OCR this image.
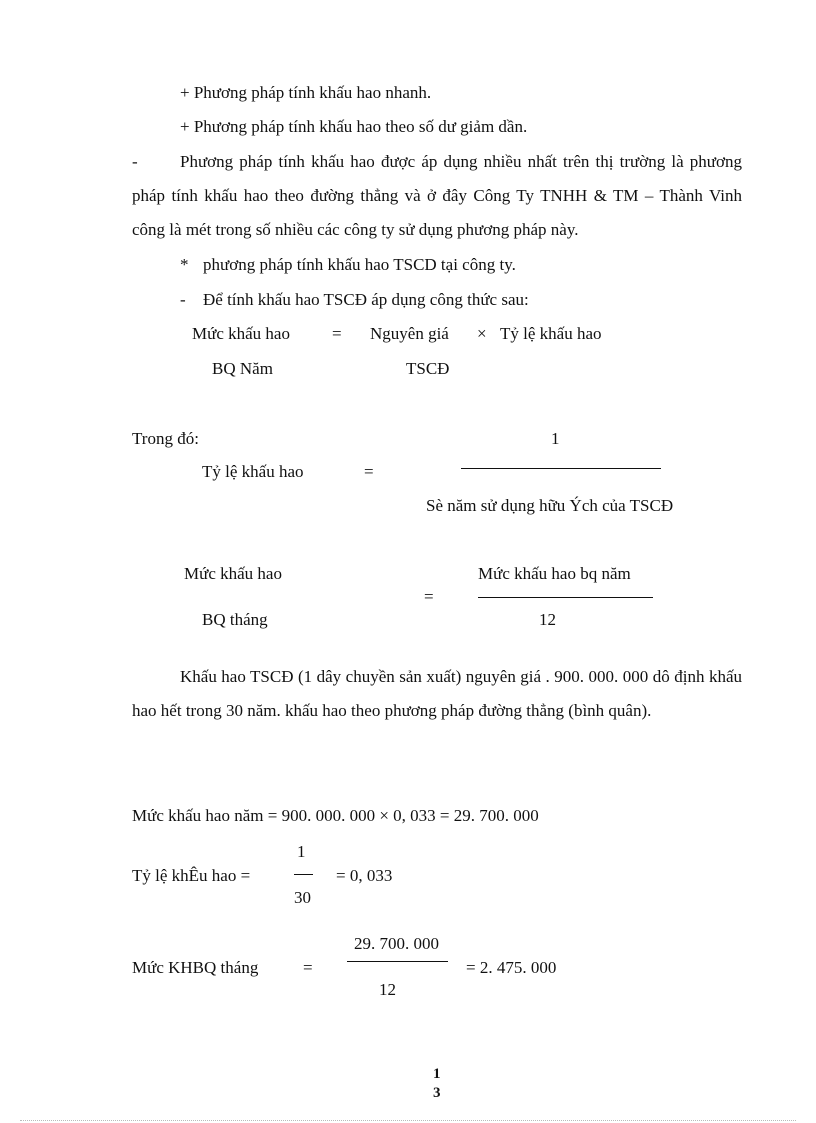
+ Phương pháp tính khấu hao nhanh.
+ Phương pháp tính khấu hao theo số dư giảm dần.
- Phương pháp tính khấu hao được áp dụng nhiều nhất trên thị trường là phương pháp tính khấu hao theo đường thẳng và ở đây Công Ty TNHH & TM – Thành Vinh công là mét trong số nhiều các công ty sử dụng phương pháp này.
* phương pháp tính khấu hao TSCD tại công ty.
- Để tính khấu hao TSCĐ áp dụng công thức sau:
Mức khấu hao = Nguyên giá × Tỷ lệ khấu hao
BQ Năm	TSCĐ
Trong đó:	1
Tỷ lệ khấu hao	=
Sè năm sử dụng hữu Ých của TSCĐ
Mức khấu hao	Mức khấu hao bq năm
=
BQ tháng	12
Khấu hao TSCĐ (1 dây chuyền sản xuất) nguyên giá . 900. 000. 000 dô định khấu hao hết trong 30 năm. khấu hao theo phương pháp đường thẳng (bình quân).
Mức khấu hao năm = 900. 000. 000 × 0, 033 = 29. 700. 000
1
Tỷ lệ khÊu hao =	= 0, 033
30
29. 700. 000
Mức KHBQ tháng	=	= 2. 475. 000
12
1
3
